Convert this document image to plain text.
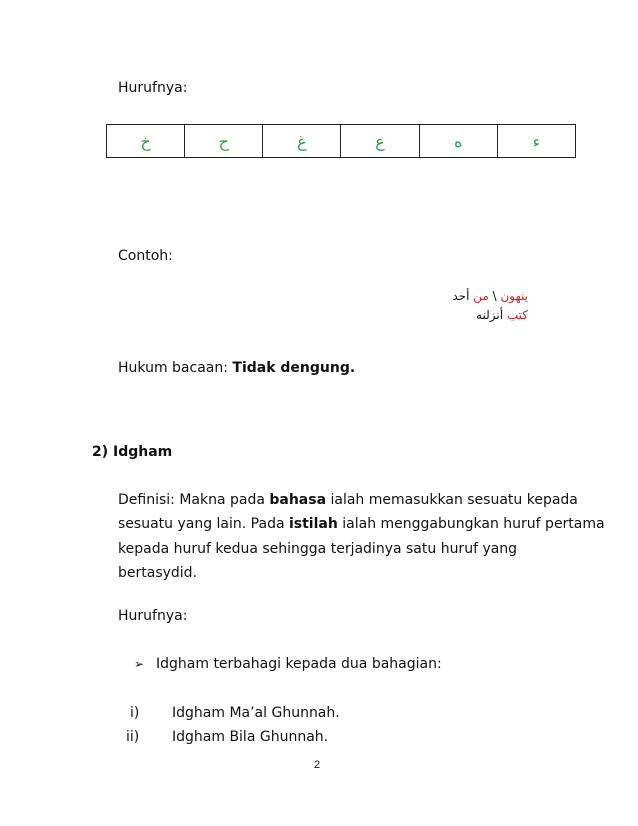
Hurufnya:
خ	ح	غ	ع	ه	ء
Contoh:
ينهون \ من أحد
كتب أنزلنه
Hukum bacaan: Tidak dengung.
2) Idgham
Definisi: Makna pada bahasa ialah memasukkan sesuatu kepada
sesuatu yang lain. Pada istilah ialah menggabungkan huruf pertama
kepada huruf kedua sehingga terjadinya satu huruf yang
bertasydid.
Hurufnya:
➢ Idgham terbahagi kepada dua bahagian:
i) Idgham Ma’al Ghunnah.
ii) Idgham Bila Ghunnah.
2
